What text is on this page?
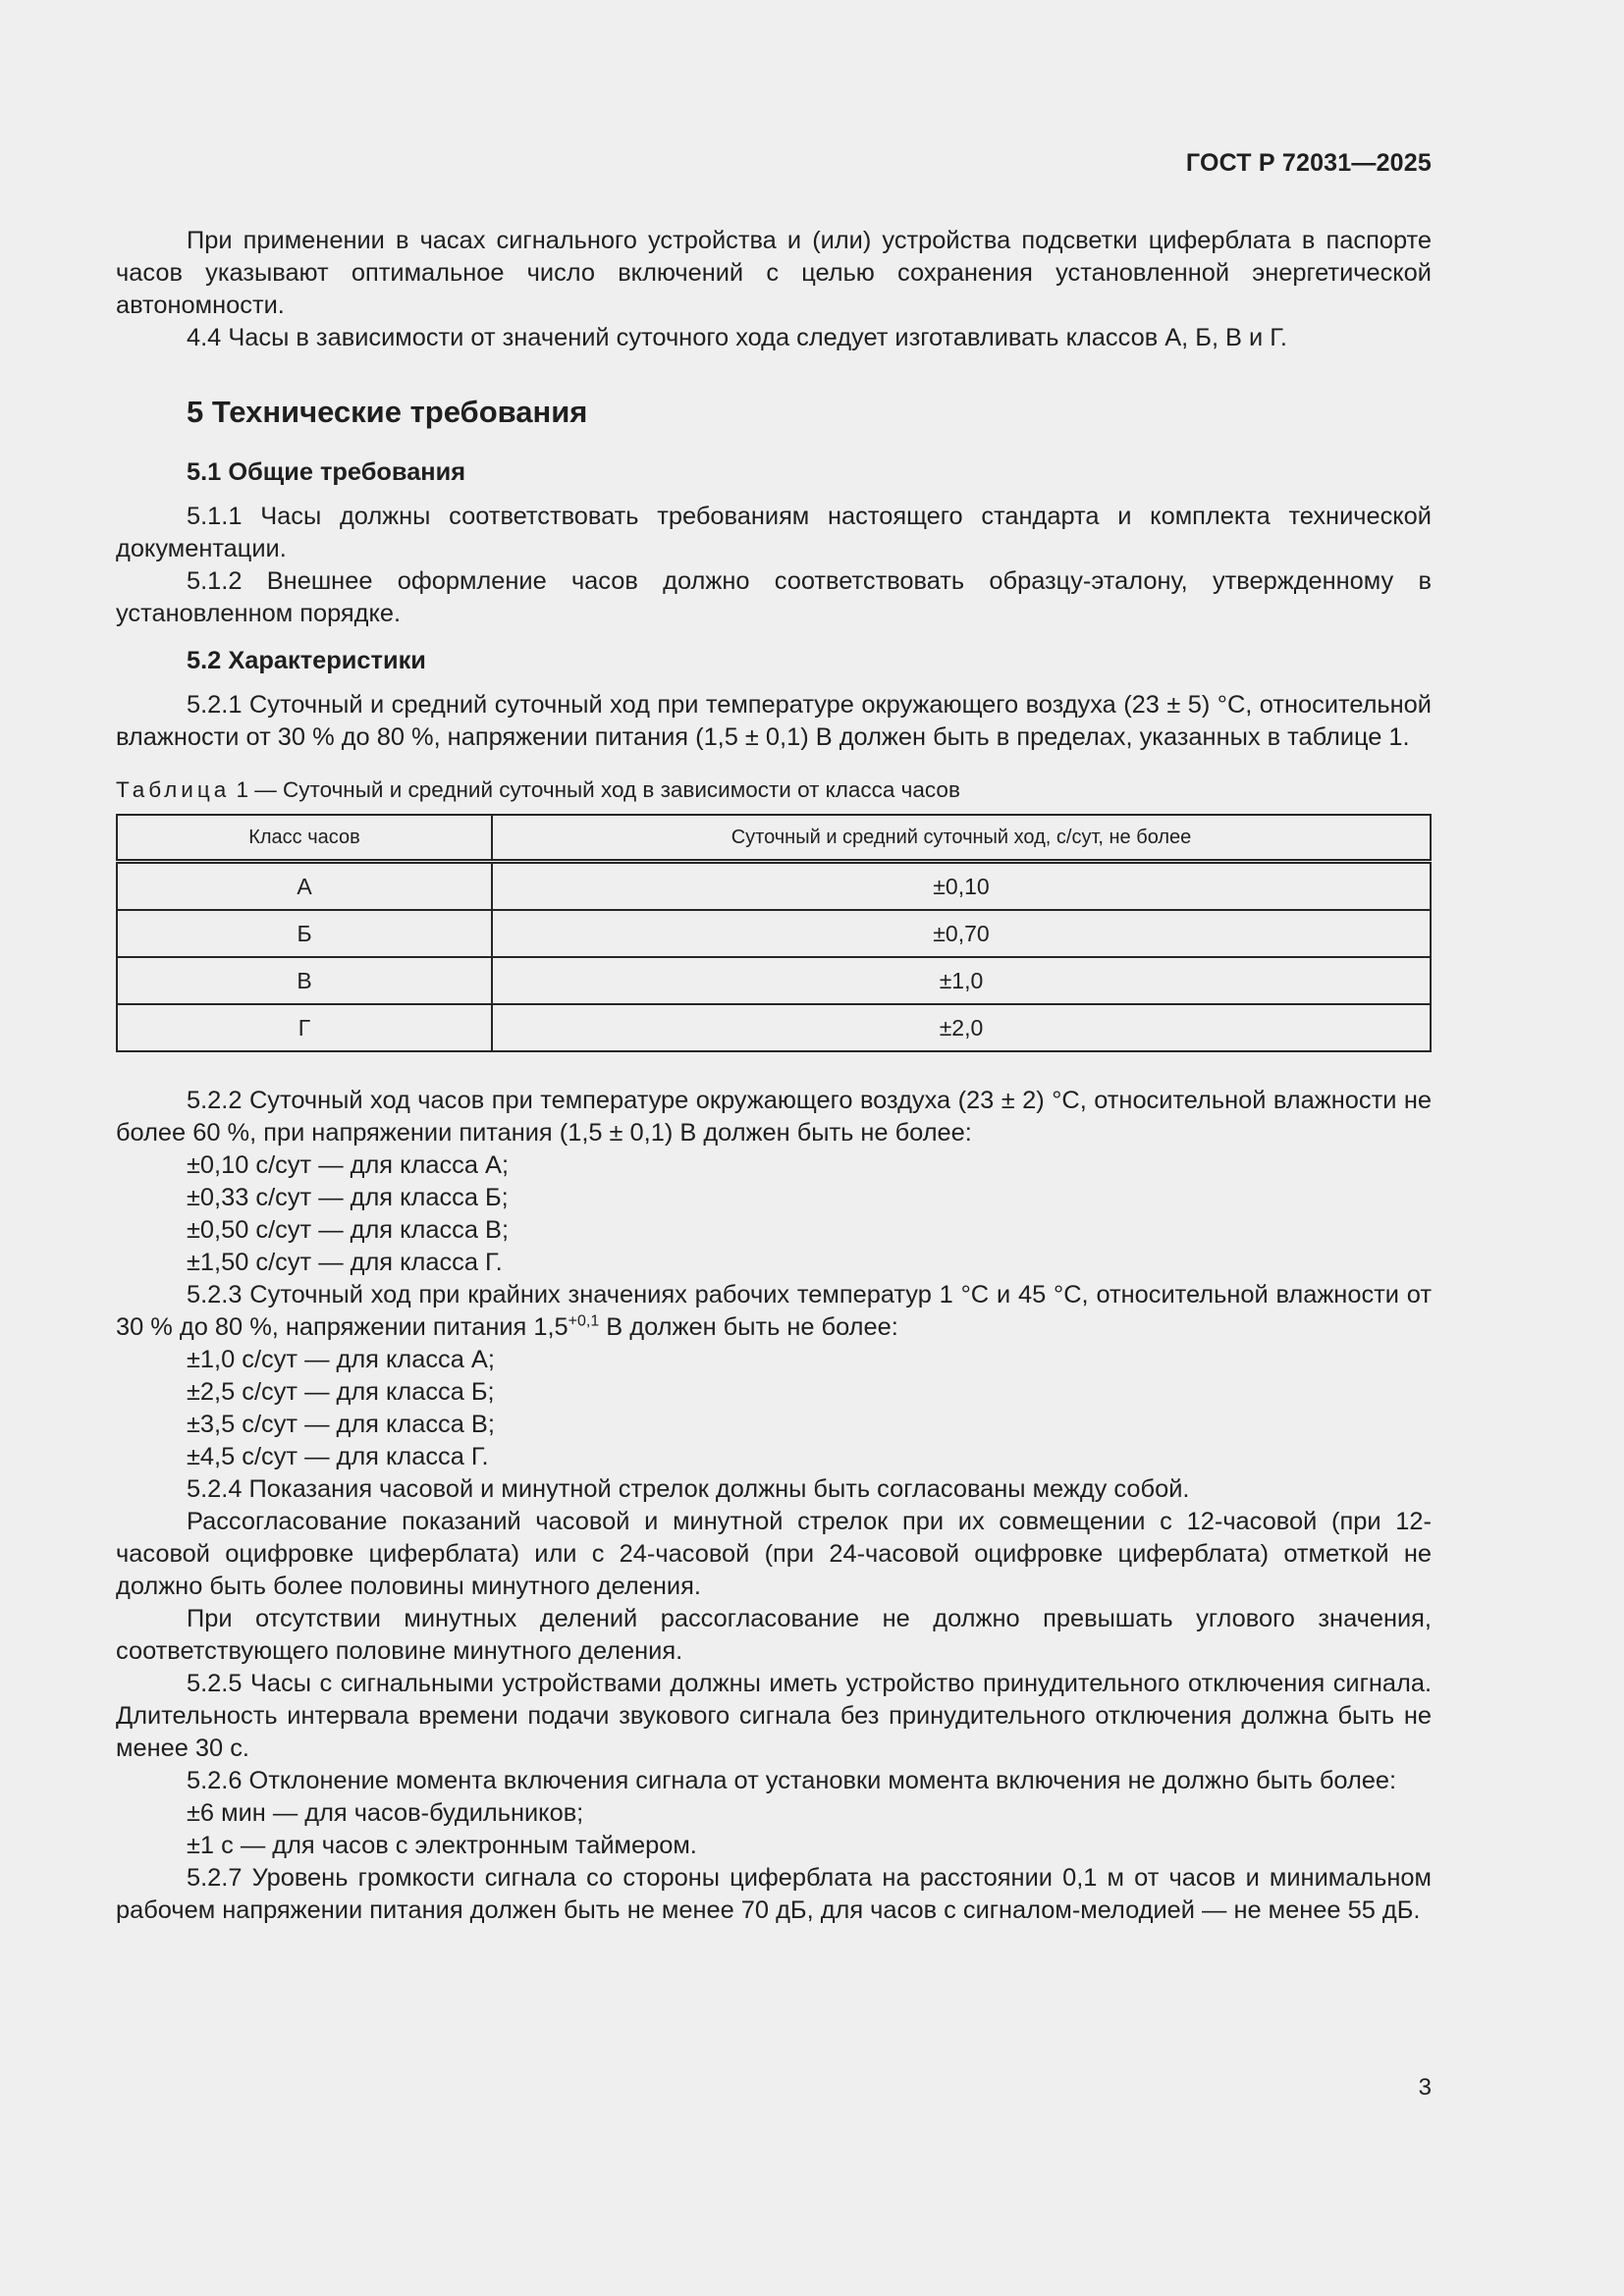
ГОСТ Р 72031—2025

При применении в часах сигнального устройства и (или) устройства подсветки циферблата в паспорте часов указывают оптимальное число включений с целью сохранения установленной энергетической автономности.

4.4 Часы в зависимости от значений суточного хода следует изготавливать классов А, Б, В и Г.

5 Технические требования
5.1 Общие требования

5.1.1 Часы должны соответствовать требованиям настоящего стандарта и комплекта технической документации.

5.1.2 Внешнее оформление часов должно соответствовать образцу-эталону, утвержденному в установленном порядке.

5.2 Характеристики

5.2.1 Суточный и средний суточный ход при температуре окружающего воздуха (23 ± 5) °С, относительной влажности от 30 % до 80 %, напряжении питания (1,5 ± 0,1) В должен быть в пределах, указанных в таблице 1.

Таблица 1 — Суточный и средний суточный ход в зависимости от класса часов
Класс часов	Суточный и средний суточный ход, с/сут, не более
А	±0,10
Б	±0,70
В	±1,0
Г	±2,0

5.2.2 Суточный ход часов при температуре окружающего воздуха (23 ± 2) °С, относительной влажности не более 60 %, при напряжении питания (1,5 ± 0,1) В должен быть не более:

±0,10 с/сут — для класса А;

±0,33 с/сут — для класса Б;

±0,50 с/сут — для класса В;

±1,50 с/сут — для класса Г.

5.2.3 Суточный ход при крайних значениях рабочих температур 1 °С и 45 °С, относительной влажности от 30 % до 80 %, напряжении питания $1,5^{+0,1}$ В должен быть не более:

±1,0 с/сут — для класса А;

±2,5 с/сут — для класса Б;

±3,5 с/сут — для класса В;

±4,5 с/сут — для класса Г.

5.2.4 Показания часовой и минутной стрелок должны быть согласованы между собой.

Рассогласование показаний часовой и минутной стрелок при их совмещении с 12-часовой (при 12-часовой оцифровке циферблата) или с 24-часовой (при 24-часовой оцифровке циферблата) отметкой не должно быть более половины минутного деления.

При отсутствии минутных делений рассогласование не должно превышать углового значения, соответствующего половине минутного деления.

5.2.5 Часы с сигнальными устройствами должны иметь устройство принудительного отключения сигнала. Длительность интервала времени подачи звукового сигнала без принудительного отключения должна быть не менее 30 с.

5.2.6 Отклонение момента включения сигнала от установки момента включения не должно быть более:

±6 мин — для часов-будильников;

±1 с — для часов с электронным таймером.

5.2.7 Уровень громкости сигнала со стороны циферблата на расстоянии 0,1 м от часов и минимальном рабочем напряжении питания должен быть не менее 70 дБ, для часов с сигналом-мелодией — не менее 55 дБ.

3
